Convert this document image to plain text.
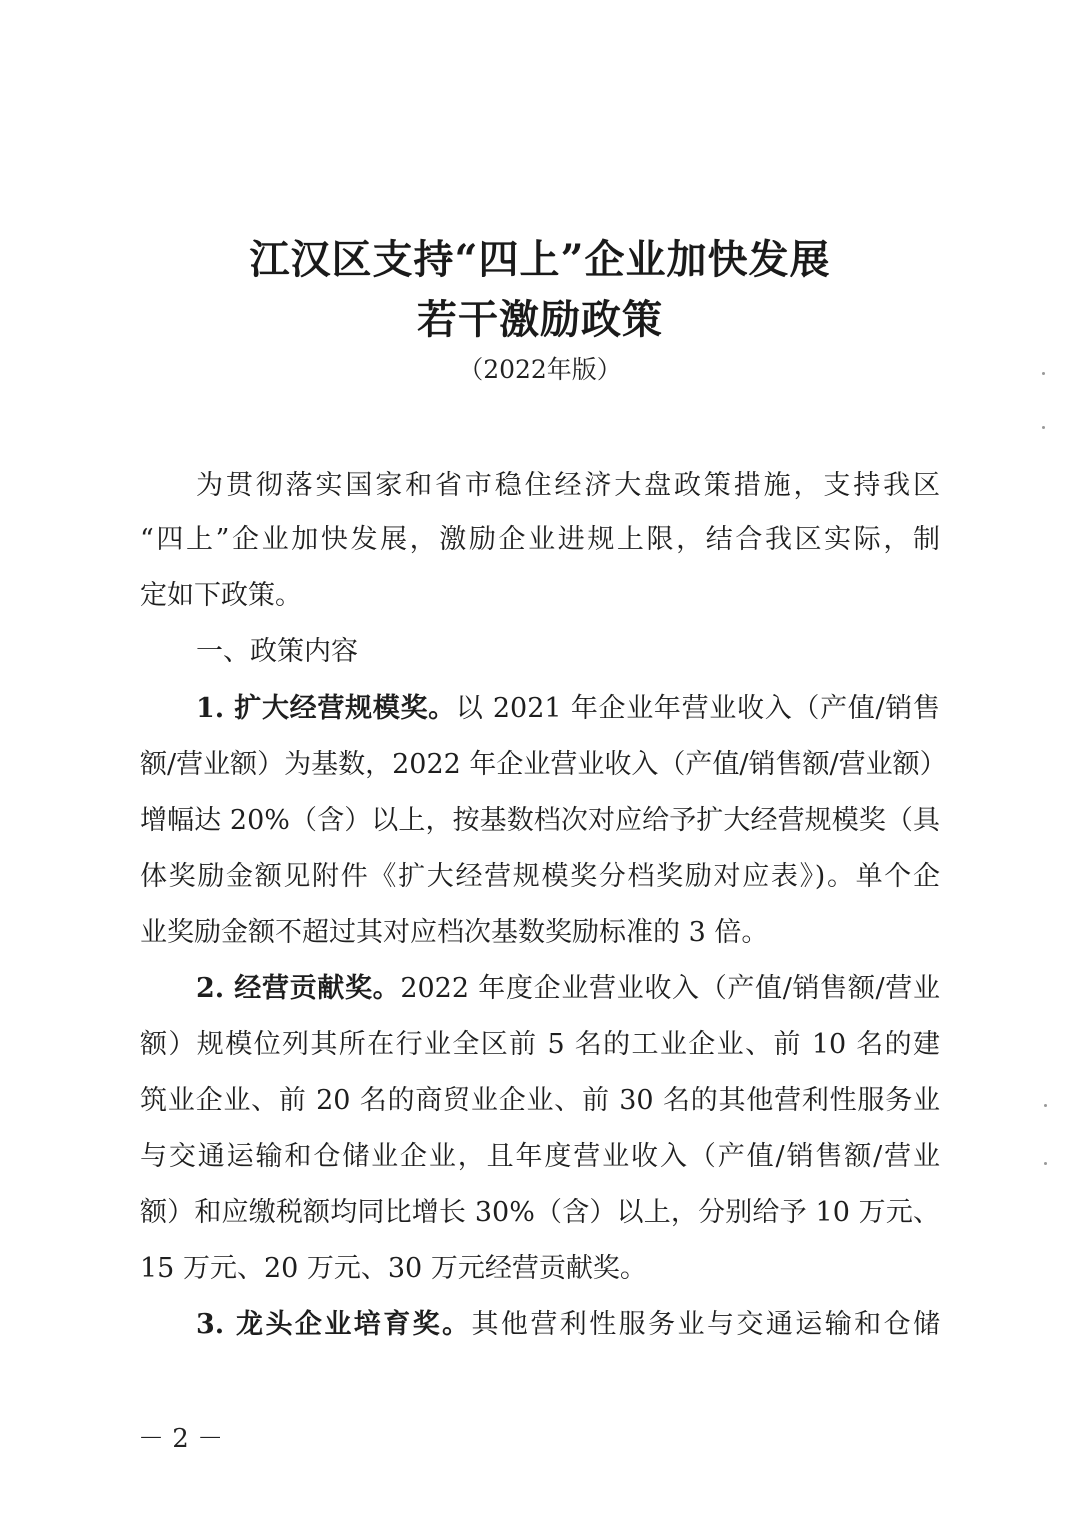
江汉区支持“四上”企业加快发展
若干激励政策
（2022年版）
为贯彻落实国家和省市稳住经济大盘政策措施，支持我区
“四上”企业加快发展，激励企业进规上限，结合我区实际，制
定如下政策。
一、政策内容
1. 扩大经营规模奖。以 2021 年企业年营业收入（产值/销售
额/营业额）为基数，2022 年企业营业收入（产值/销售额/营业额）
增幅达 20%（含）以上，按基数档次对应给予扩大经营规模奖（具
体奖励金额见附件《扩大经营规模奖分档奖励对应表》)。单个企
业奖励金额不超过其对应档次基数奖励标准的 3 倍。
2. 经营贡献奖。2022 年度企业营业收入（产值/销售额/营业
额）规模位列其所在行业全区前 5 名的工业企业、前 10 名的建
筑业企业、前 20 名的商贸业企业、前 30 名的其他营利性服务业
与交通运输和仓储业企业，且年度营业收入（产值/销售额/营业
额）和应缴税额均同比增长 30%（含）以上，分别给予 10 万元、
15 万元、20 万元、30 万元经营贡献奖。
3. 龙头企业培育奖。其他营利性服务业与交通运输和仓储
－ 2 －
